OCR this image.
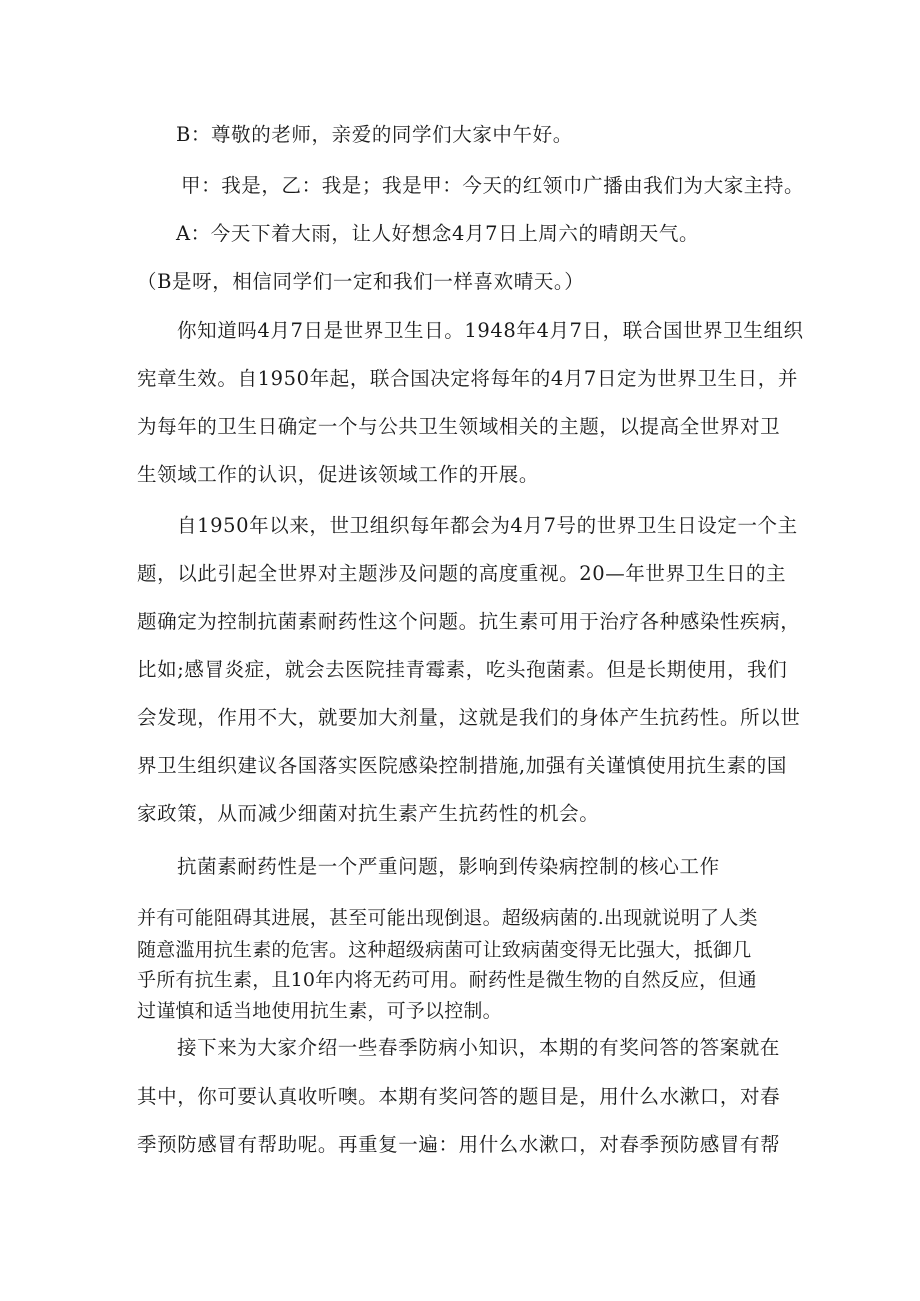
B：尊敬的老师，亲爱的同学们大家中午好。

甲：我是，乙：我是；我是甲：今天的红领巾广播由我们为大家主持。

A：今天下着大雨，让人好想念4月7日上周六的晴朗天气。

（B是呀，相信同学们一定和我们一样喜欢晴天。）

你知道吗4月7日是世界卫生日。1948年4月7日，联合国世界卫生组织

宪章生效。自1950年起，联合国决定将每年的4月7日定为世界卫生日，并

为每年的卫生日确定一个与公共卫生领域相关的主题，以提高全世界对卫

生领域工作的认识，促进该领域工作的开展。

自1950年以来，世卫组织每年都会为4月7号的世界卫生日设定一个主

题，以此引起全世界对主题涉及问题的高度重视。20—年世界卫生日的主

题确定为控制抗菌素耐药性这个问题。抗生素可用于治疗各种感染性疾病，

比如;感冒炎症，就会去医院挂青霉素，吃头孢菌素。但是长期使用，我们

会发现，作用不大，就要加大剂量，这就是我们的身体产生抗药性。所以世

界卫生组织建议各国落实医院感染控制措施,加强有关谨慎使用抗生素的国

家政策，从而减少细菌对抗生素产生抗药性的机会。

抗菌素耐药性是一个严重问题，影响到传染病控制的核心工作

并有可能阻碍其进展，甚至可能出现倒退。超级病菌的.出现就说明了人类

随意滥用抗生素的危害。这种超级病菌可让致病菌变得无比强大，抵御几

乎所有抗生素，且10年内将无药可用。耐药性是微生物的自然反应，但通

过谨慎和适当地使用抗生素，可予以控制。

接下来为大家介绍一些春季防病小知识，本期的有奖问答的答案就在

其中，你可要认真收听噢。本期有奖问答的题目是，用什么水漱口，对春

季预防感冒有帮助呢。再重复一遍：用什么水漱口，对春季预防感冒有帮
